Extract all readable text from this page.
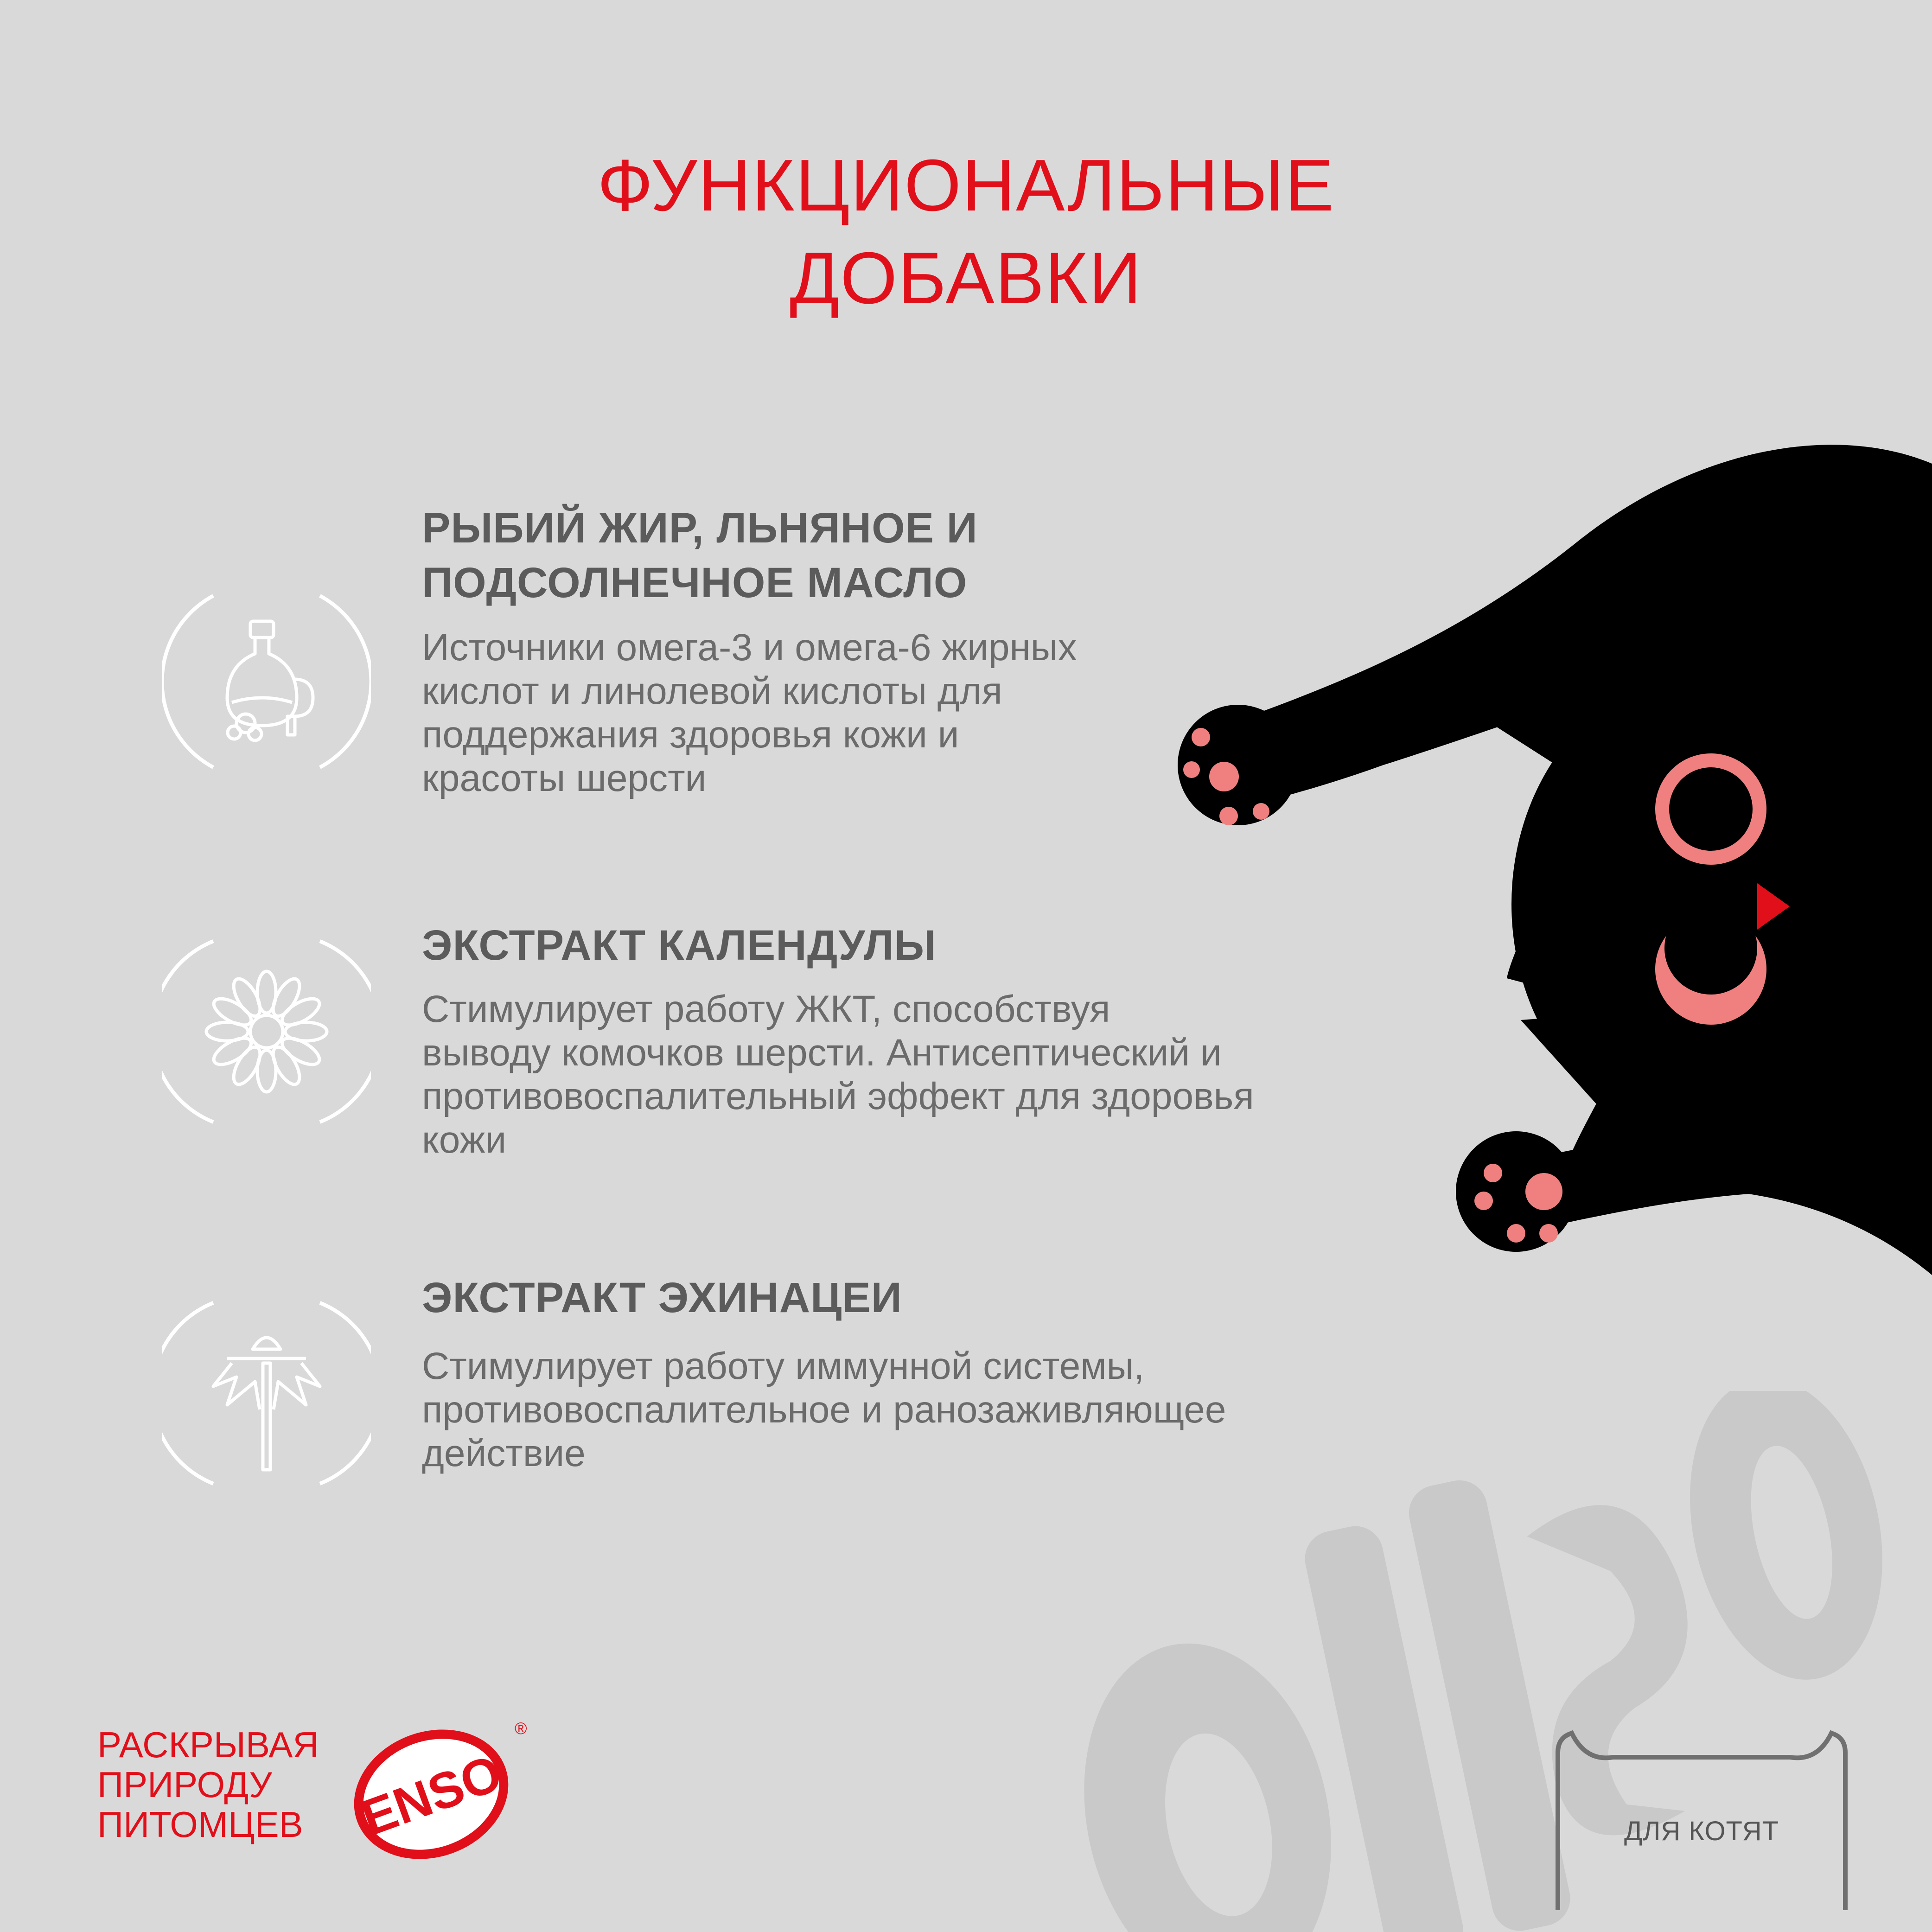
ФУНКЦИОНАЛЬНЫЕ
ДОБАВКИ
РЫБИЙ ЖИР, ЛЬНЯНОЕ И
ПОДСОЛНЕЧНОЕ МАСЛО
Источники омега-3 и омега-6 жирных
кислот и линолевой кислоты для
поддержания здоровья кожи и
красоты шерсти
ЭКСТРАКТ КАЛЕНДУЛЫ
Стимулирует работу ЖКТ, способствуя
выводу комочков шерсти. Антисептический и
противовоспалительный эффект для здоровья
кожи
ЭКСТРАКТ ЭХИНАЦЕИ
Стимулирует работу иммунной системы,
противовоспалительное и ранозаживляющее
действие
РАСКРЫВАЯ
ПРИРОДУ
ПИТОМЦЕВ ENSO
®
ДЛЯ КОТЯТ
